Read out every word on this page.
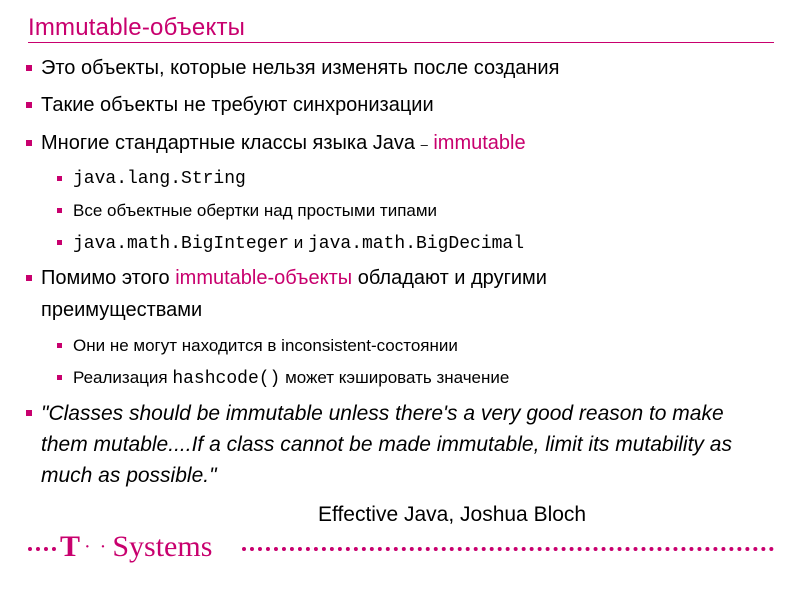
Immutable-объекты
Это объекты, которые нельзя изменять после создания
Такие объекты не требуют синхронизации
Многие стандартные классы языка Java – immutable
java.lang.String
Все объектные обертки над простыми типами
java.math.BigInteger и java.math.BigDecimal
Помимо этого immutable-объекты обладают и другими
преимуществами
Они не могут находится в inconsistent-состоянии
Реализация hashcode() может кэшировать значение
"Classes should be immutable unless there's a very good reason to make them mutable....If a class cannot be made immutable, limit its mutability as much as possible."
Effective Java, Joshua Bloch
T · · Systems
